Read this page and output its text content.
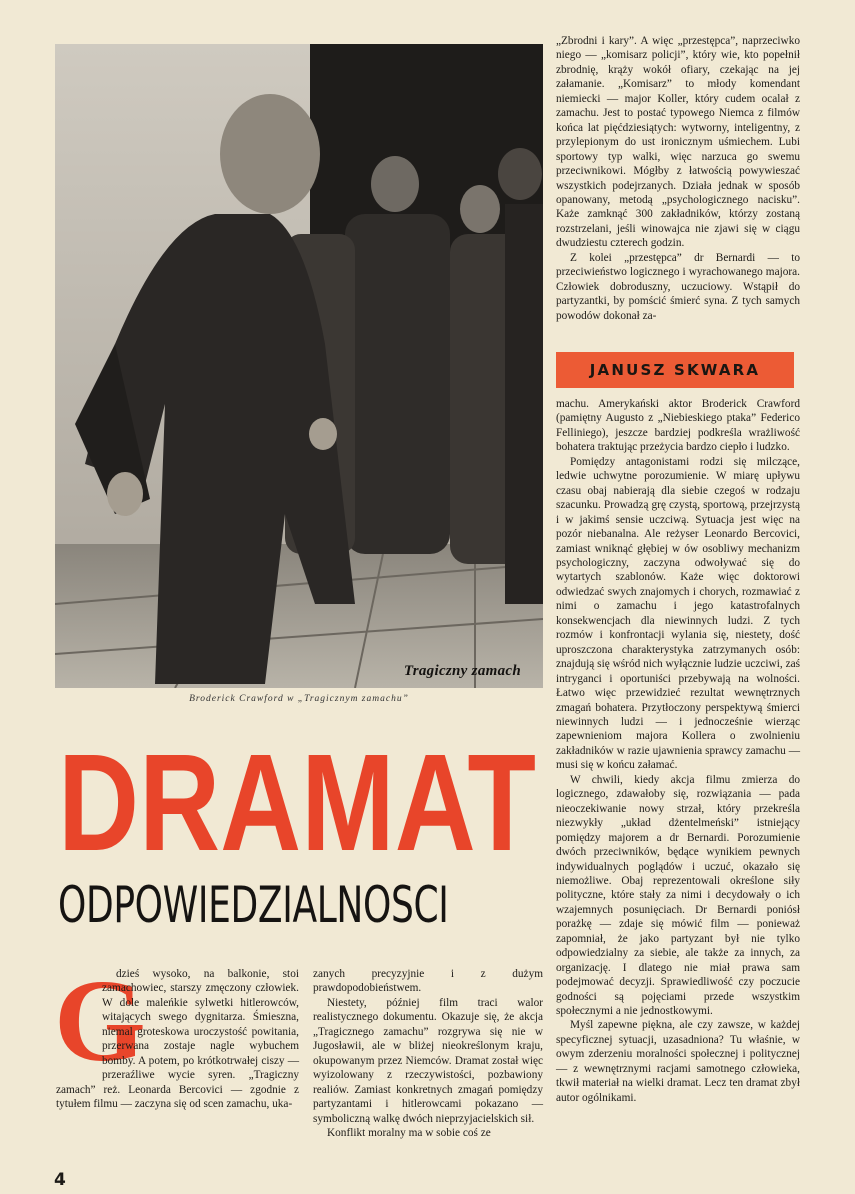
Tragiczny zamach
Broderick Crawford w „Tragicznym zamachu”
DRAMAT
ODPOWIEDZIALNOSCI

„Zbrodni i kary”. A więc „przestępca”, naprzeciwko niego — „komisarz policji”, który wie, kto popełnił zbrodnię, krąży wokół ofiary, czekając na jej załamanie. „Komisarz” to młody komendant niemiecki — major Koller, który cudem ocalał z zamachu. Jest to postać typowego Niemca z filmów końca lat pięćdziesiątych: wytworny, inteligentny, z przylepionym do ust ironicznym uśmiechem. Lubi sportowy typ walki, więc narzuca go swemu przeciwnikowi. Mógłby z łatwością powywieszać wszystkich podejrzanych. Działa jednak w sposób opanowany, metodą „psychologicznego nacisku”. Każe zamknąć 300 zakładników, którzy zostaną rozstrzelani, jeśli winowajca nie zjawi się w ciągu dwudziestu czterech godzin.

Z kolei „przestępca” dr Bernardi — to przeciwieństwo logicznego i wyrachowanego majora. Człowiek dobroduszny, uczuciowy. Wstąpił do partyzantki, by pomścić śmierć syna. Z tych samych powodów dokonał za-

JANUSZ SKWARA

machu. Amerykański aktor Broderick Crawford (pamiętny Augusto z „Niebieskiego ptaka” Federico Felliniego), jeszcze bardziej podkreśla wrażliwość bohatera traktując przeżycia bardzo ciepło i ludzko.

Pomiędzy antagonistami rodzi się milczące, ledwie uchwytne porozumienie. W miarę upływu czasu obaj nabierają dla siebie czegoś w rodzaju szacunku. Prowadzą grę czystą, sportową, przejrzystą i w jakimś sensie uczciwą. Sytuacja jest więc na pozór niebanalna. Ale reżyser Leonardo Bercovici, zamiast wniknąć głębiej w ów osobliwy mechanizm psychologiczny, zaczyna odwoływać się do wytartych szablonów. Każe więc doktorowi odwiedzać swych znajomych i chorych, rozmawiać z nimi o zamachu i jego katastrofalnych konsekwencjach dla niewinnych ludzi. Z tych rozmów i konfrontacji wylania się, niestety, dość uproszczona charakterystyka zatrzymanych osób: znajdują się wśród nich wyłącznie ludzie uczciwi, zaś intryganci i oportuniści przebywają na wolności. Łatwo więc przewidzieć rezultat wewnętrznych zmagań bohatera. Przytłoczony perspektywą śmierci niewinnych ludzi — i jednocześnie wierząc zapewnieniom majora Kollera o zwolnieniu zakładników w razie ujawnienia sprawcy zamachu — musi się w końcu załamać.

W chwili, kiedy akcja filmu zmierza do logicznego, zdawałoby się, rozwiązania — pada nieoczekiwanie nowy strzał, który przekreśla niezwykły „układ dżentelmeński” istniejący pomiędzy majorem a dr Bernardi. Porozumienie dwóch przeciwników, będące wynikiem pewnych indywidualnych poglądów i uczuć, okazało się niemożliwe. Obaj reprezentowali określone siły polityczne, które stały za nimi i decydowały o ich wzajemnych posunięciach. Dr Bernardi poniósł porażkę — zdaje się mówić film — ponieważ zapomniał, że jako partyzant był nie tylko odpowiedzialny za siebie, ale także za innych, za organizację. I dlatego nie miał prawa sam podejmować decyzji. Sprawiedliwość czy poczucie godności są pojęciami przede wszystkim społecznymi a nie jednostkowymi.

Myśl zapewne piękna, ale czy zawsze, w każdej specyficznej sytuacji, uzasadniona? Tu właśnie, w owym zderzeniu moralności społecznej i politycznej — z wewnętrznymi racjami samotnego człowieka, tkwił materiał na wielki dramat. Lecz ten dramat zbył autor ogólnikami.

G

dzieś wysoko, na balkonie, stoi zamachowiec, starszy zmęczony człowiek. W dole maleńkie sylwetki hitlerowców, witających swego dygnitarza. Śmieszna, niemal groteskowa uroczystość powitania, przerwana zostaje nagle wybuchem bomby. A potem, po krótkotrwałej ciszy — przeraźliwe wycie syren. „Tragiczny zamach” reż. Leonarda Bercovici — zgodnie z tytułem filmu — zaczyna się od scen zamachu, uka-

zanych precyzyjnie i z dużym prawdopodobieństwem.

Niestety, później film traci walor realistycznego dokumentu. Okazuje się, że akcja „Tragicznego zamachu” rozgrywa się nie w Jugosławii, ale w bliżej nieokreślonym kraju, okupowanym przez Niemców. Dramat został więc wyizolowany z rzeczywistości, pozbawiony realiów. Zamiast konkretnych zmagań pomiędzy partyzantami i hitlerowcami pokazano — symboliczną walkę dwóch nieprzyjacielskich sił.

Konflikt moralny ma w sobie coś ze

4
